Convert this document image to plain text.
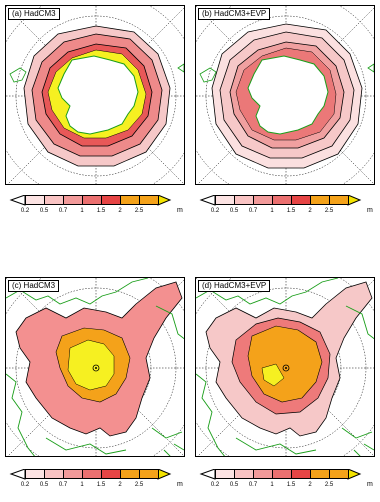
(a) HadCM3	(b) HadCM3+EVP
0.2 0.5 0.7 1 1.5 2 2.5	m	0.2 0.5 0.7 1 1.5 2 2.5	m
(c) HadCM3	(d) HadCM3+EVP
0.2 0.5 0.7 1 1.5 2 2.5	m	0.2 0.5 0.7 1 1.5 2 2.5	m
